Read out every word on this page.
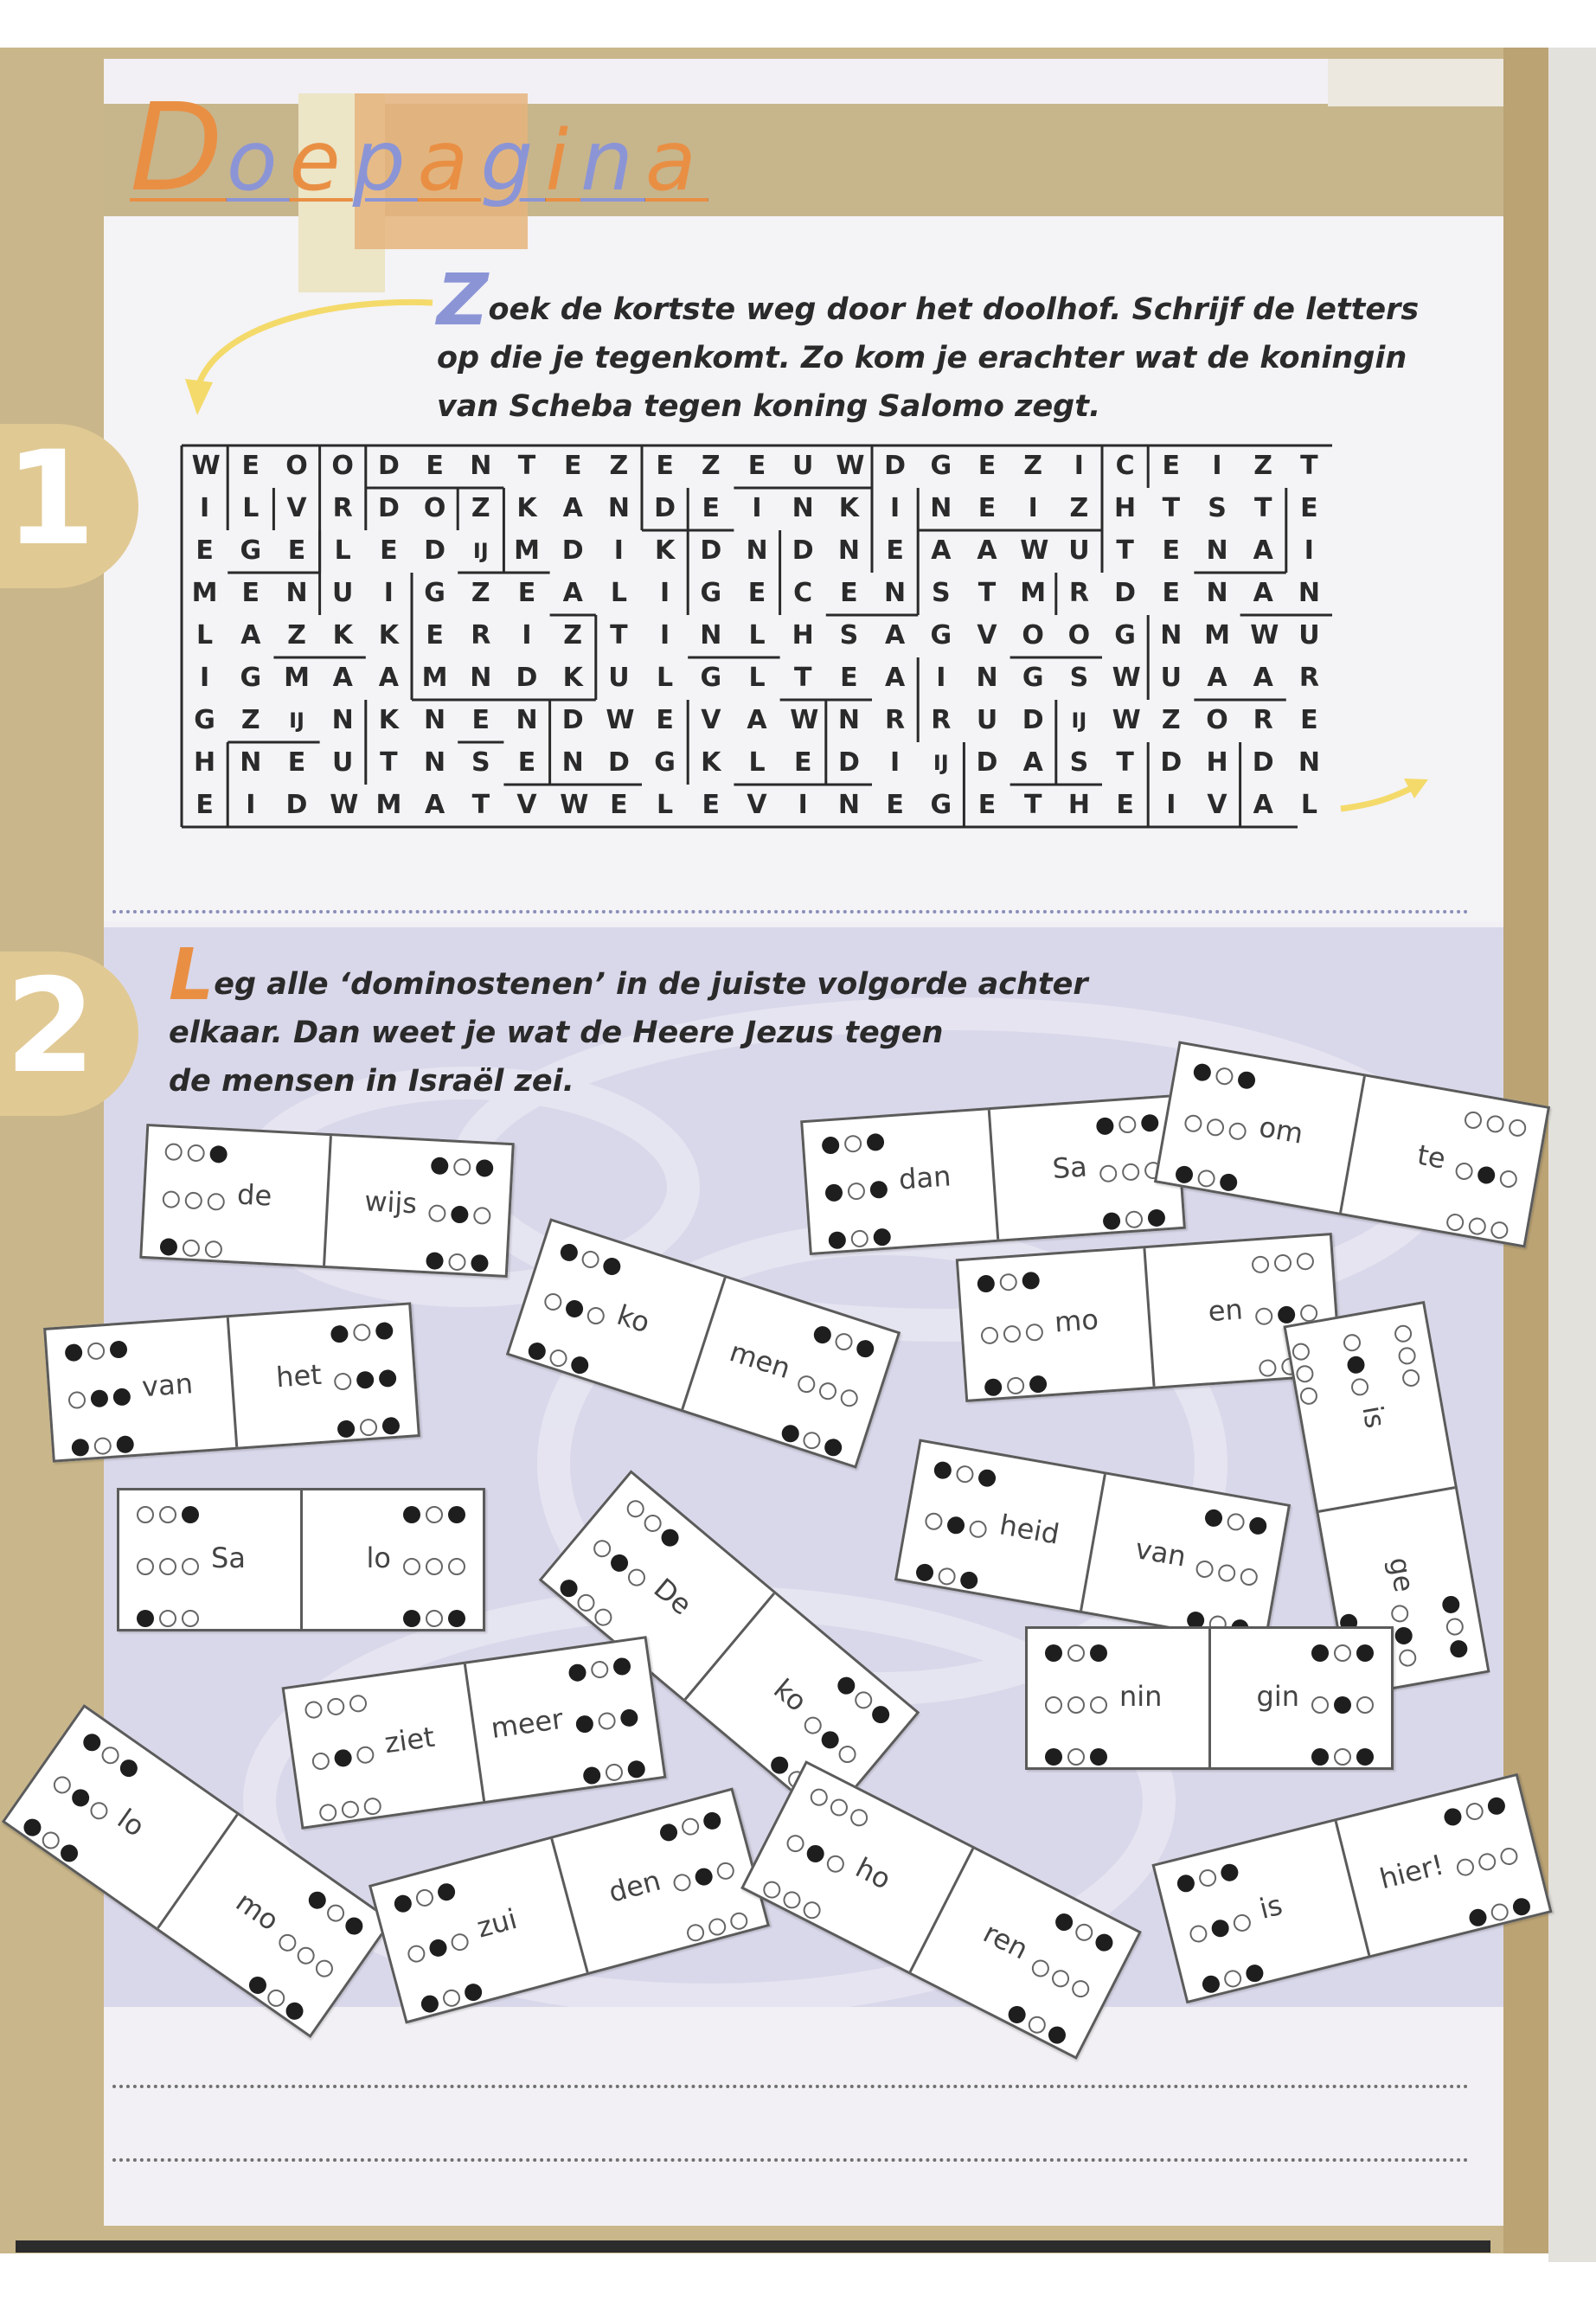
Doepagina
1
Zoek de kortste weg door het doolhof. Schrijf de letters
op die je tegenkomt. Zo kom je erachter wat de koningin
van Scheba tegen koning Salomo zegt.
W E O O D E N T E Z E Z E U W D G E Z	I	C E	I	Z T
I	L V R D O Z K A N D E	I	N K	I	N E	I	Z H T S T E
E G E L E D IJ M D	I	K D N D N E A A W U T E N A	I
M E N U	I	G Z E A L	I	G E C E N S T M R D E N A N
L A Z K K E R	I	Z T	I	N L H S A G V O O G N M W U
I	G M A A M N D K U L G L T E A	I	N G S W U A A R
G Z IJ N K N E N D W E V A W N R R U D IJ W Z O R E
H N E U T N S E N D G K L E D	I	IJ D A S T D H D N
E	I	D W M A T V W E L E V	I	N E G E T H E	I	V A L
2 Leg alle ‘dominostenen’ in de juiste volgorde achter
elkaar. Dan weet je wat de Heere Jezus tegen
de mensen in Israël zei.
de	wijs
van	het
Sa	lo
ko
men
dan	Sa
om
te
mo	en
is
ge
De
ko
heid
van
nin	gin
ziet meer
lo
mo	zui
den	ho
ren
is
hier!
